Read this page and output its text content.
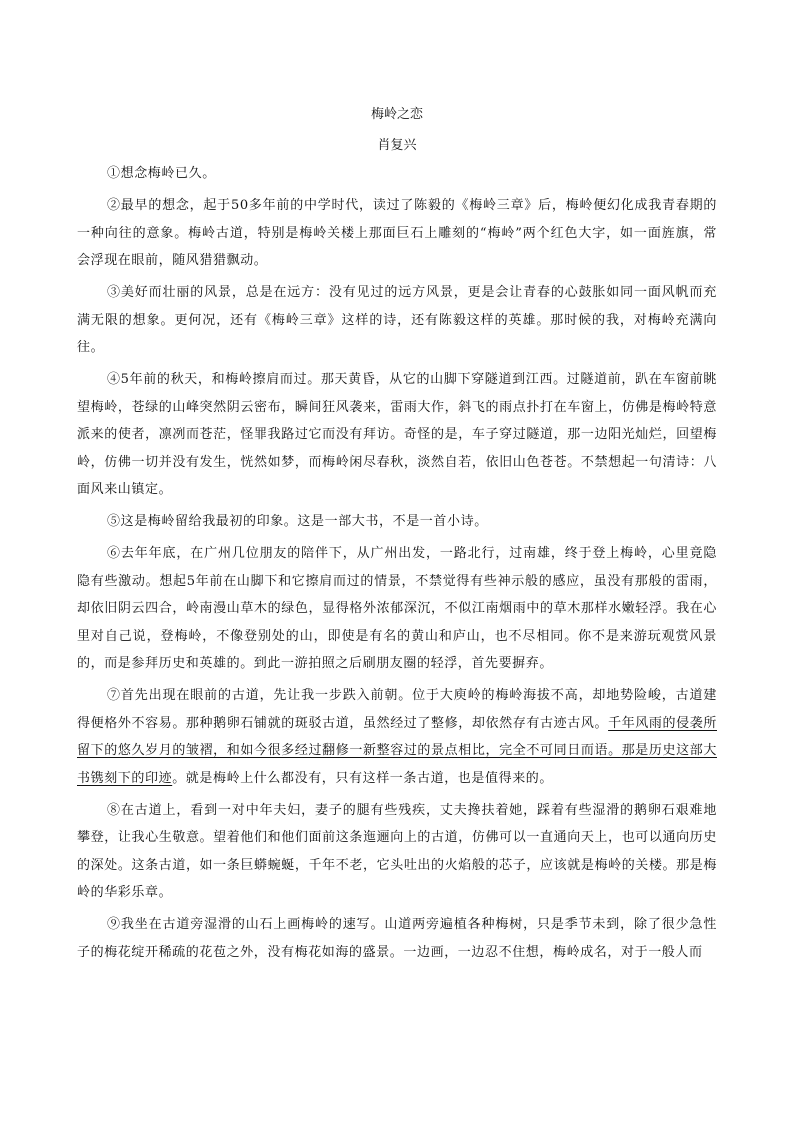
梅岭之恋
肖复兴

①想念梅岭已久。

②最早的想念，起于50多年前的中学时代，读过了陈毅的《梅岭三章》后，梅岭便幻化成我青春期的一种向往的意象。梅岭古道，特别是梅岭关楼上那面巨石上雕刻的“梅岭”两个红色大字，如一面旌旗，常会浮现在眼前，随风猎猎飘动。

③美好而壮丽的风景，总是在远方：没有见过的远方风景，更是会让青春的心鼓胀如同一面风帆而充满无限的想象。更何况，还有《梅岭三章》这样的诗，还有陈毅这样的英雄。那时候的我，对梅岭充满向往。

④5年前的秋天，和梅岭擦肩而过。那天黄昏，从它的山脚下穿隧道到江西。过隧道前，趴在车窗前眺望梅岭，苍绿的山峰突然阴云密布，瞬间狂风袭来，雷雨大作，斜飞的雨点扑打在车窗上，仿佛是梅岭特意派来的使者，凛冽而苍茫，怪罪我路过它而没有拜访。奇怪的是，车子穿过隧道，那一边阳光灿烂，回望梅岭，仿佛一切并没有发生，恍然如梦，而梅岭闲尽春秋，淡然自若，依旧山色苍苍。不禁想起一句清诗：八面风来山镇定。

⑤这是梅岭留给我最初的印象。这是一部大书，不是一首小诗。

⑥去年年底，在广州几位朋友的陪伴下，从广州出发，一路北行，过南雄，终于登上梅岭，心里竟隐隐有些激动。想起5年前在山脚下和它擦肩而过的情景，不禁觉得有些神示般的感应，虽没有那般的雷雨，却依旧阴云四合，岭南漫山草木的绿色，显得格外浓郁深沉，不似江南烟雨中的草木那样水嫩轻浮。我在心里对自己说，登梅岭，不像登别处的山，即使是有名的黄山和庐山，也不尽相同。你不是来游玩观赏风景的，而是参拜历史和英雄的。到此一游拍照之后刷朋友圈的轻浮，首先要摒弃。

⑦首先出现在眼前的古道，先让我一步跌入前朝。位于大庾岭的梅岭海拔不高，却地势险峻，古道建得便格外不容易。那种鹅卵石铺就的斑驳古道，虽然经过了整修，却依然存有古迹古风。千年风雨的侵袭所留下的悠久岁月的皱褶，和如今很多经过翻修一新整容过的景点相比，完全不可同日而语。那是历史这部大书镌刻下的印迹。就是梅岭上什么都没有，只有这样一条古道，也是值得来的。

⑧在古道上，看到一对中年夫妇，妻子的腿有些残疾，丈夫搀扶着她，踩着有些湿滑的鹅卵石艰难地攀登，让我心生敬意。望着他们和他们面前这条迤逦向上的古道，仿佛可以一直通向天上，也可以通向历史的深处。这条古道，如一条巨蟒蜿蜒，千年不老，它头吐出的火焰般的芯子，应该就是梅岭的关楼。那是梅岭的华彩乐章。

⑨我坐在古道旁湿滑的山石上画梅岭的速写。山道两旁遍植各种梅树，只是季节未到，除了很少急性子的梅花绽开稀疏的花苞之外，没有梅花如海的盛景。一边画，一边忍不住想，梅岭成名，对于一般人而
